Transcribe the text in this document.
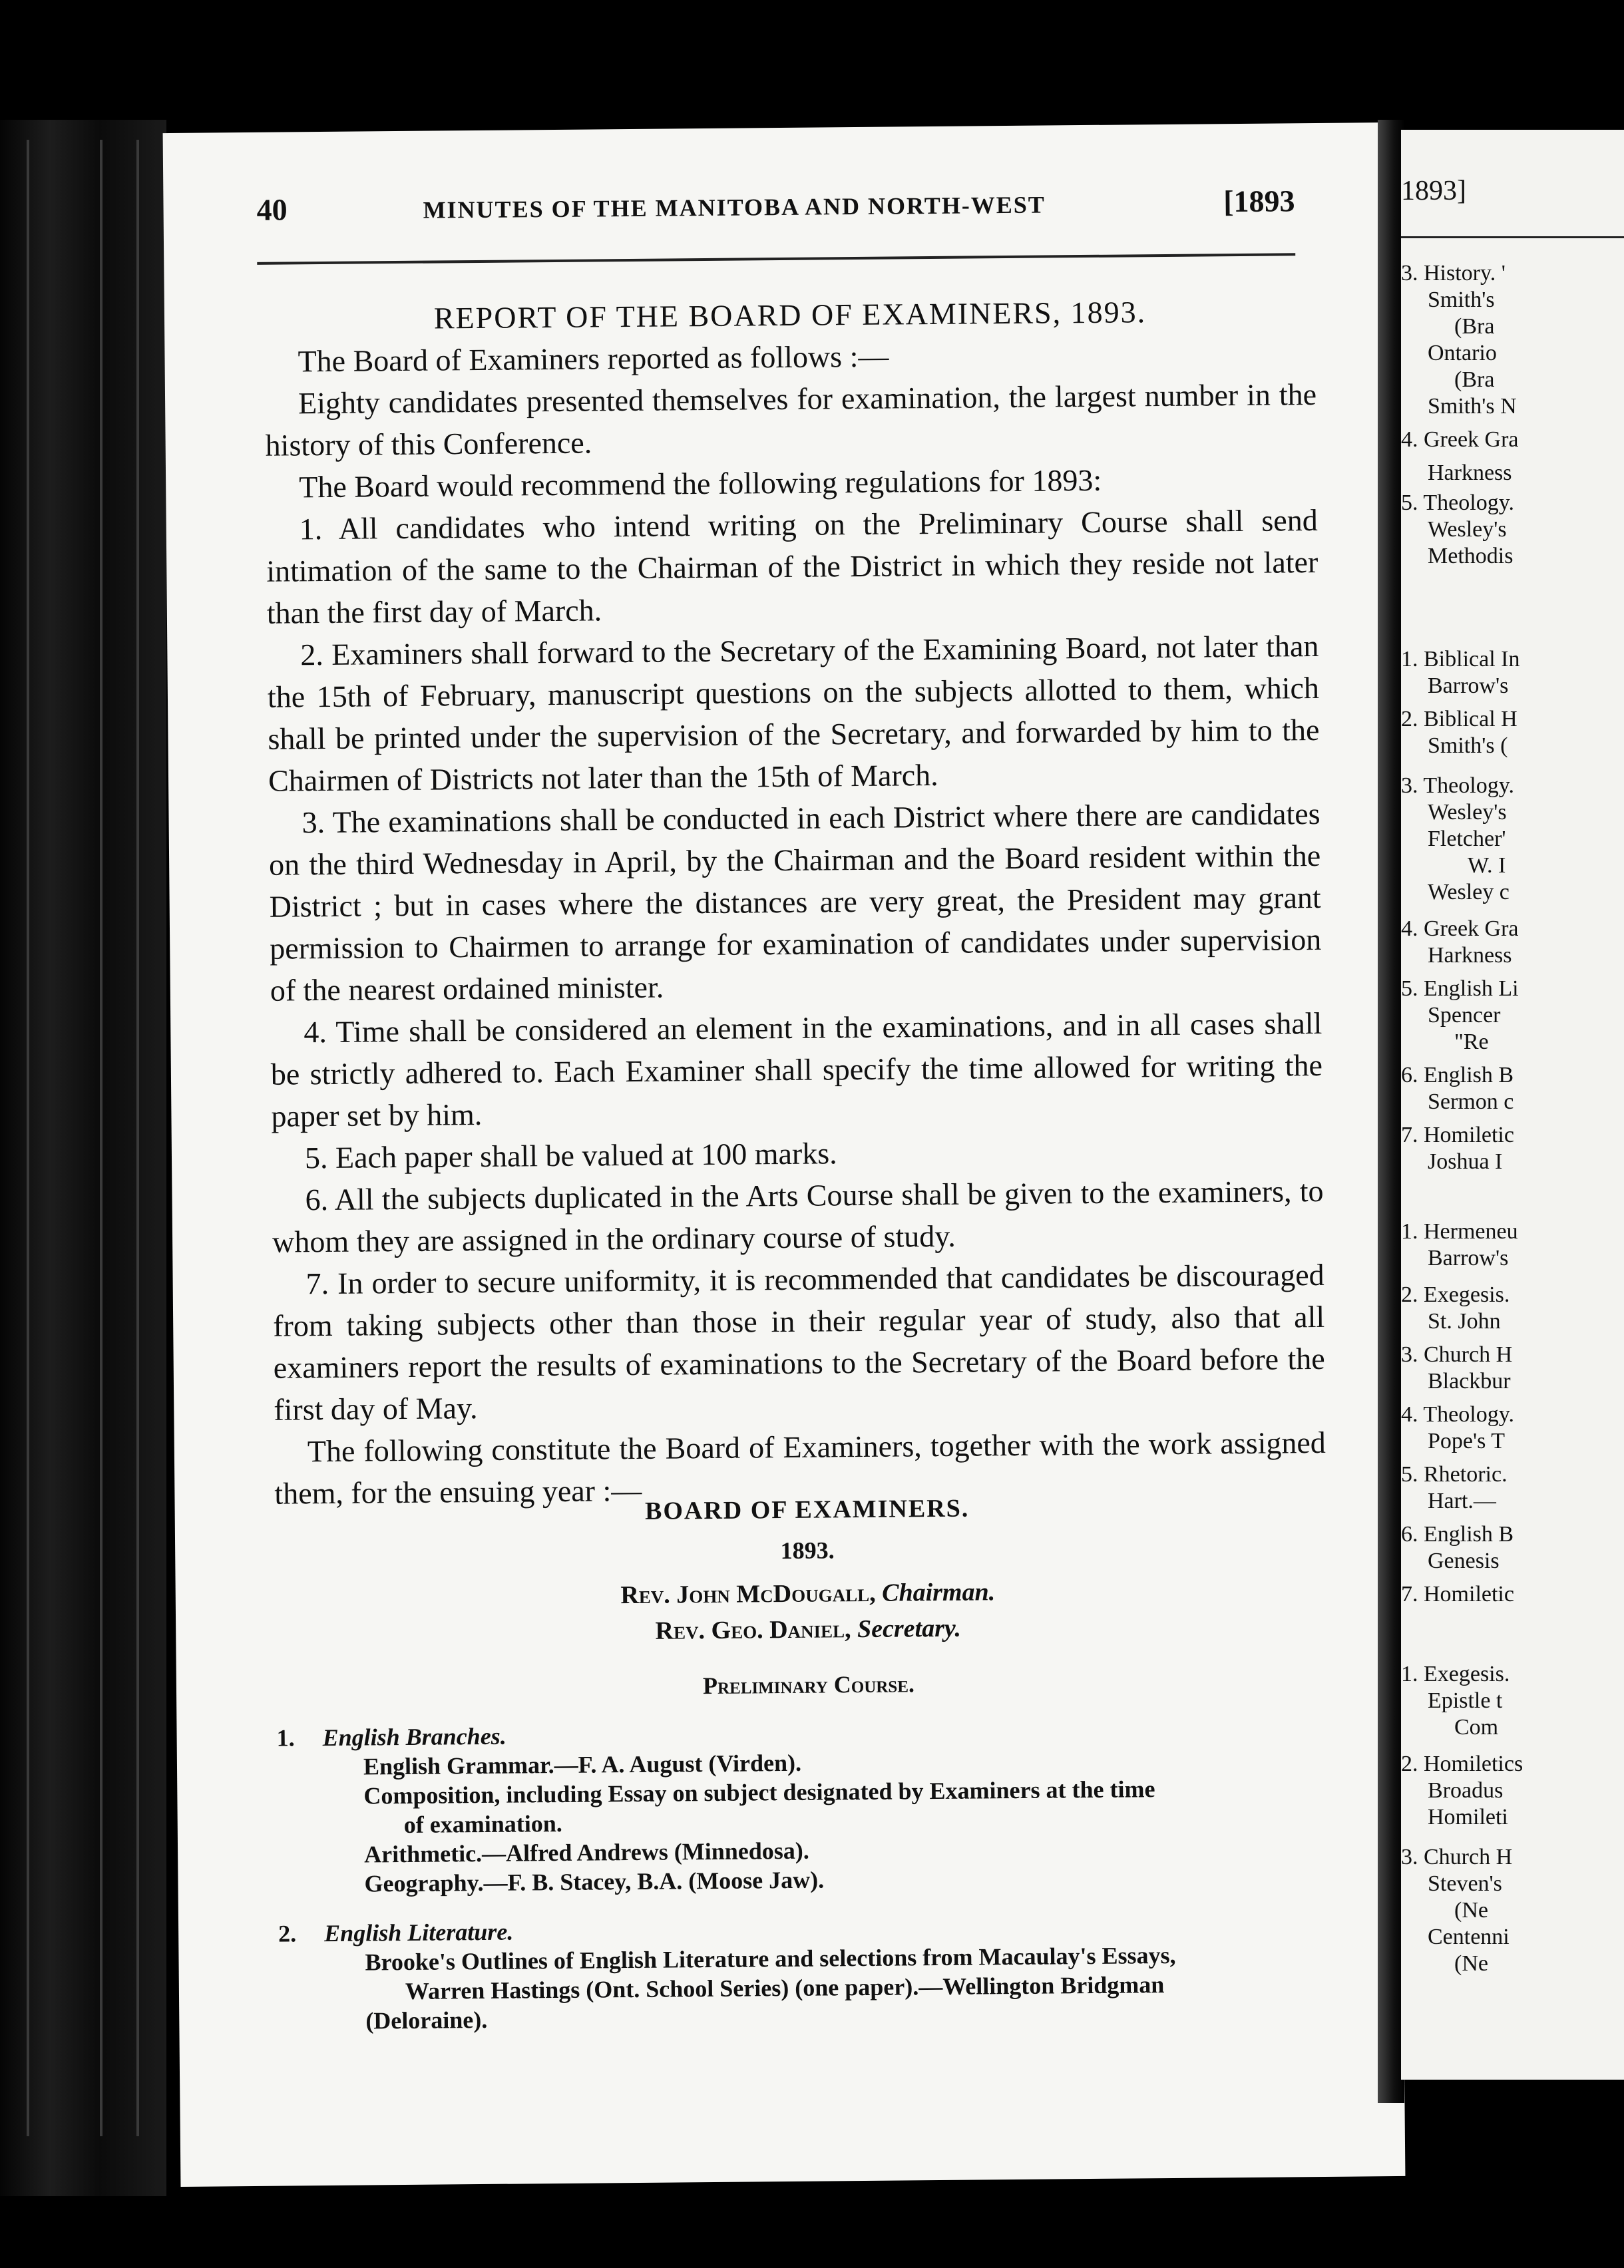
40	MINUTES OF THE MANITOBA AND NORTH-WEST	[1893

REPORT OF THE BOARD OF EXAMINERS, 1893.

The Board of Examiners reported as follows :—

Eighty candidates presented themselves for examination, the largest number in the history of this Conference.

The Board would recommend the following regulations for 1893:

1. All candidates who intend writing on the Preliminary Course shall send intimation of the same to the Chairman of the District in which they reside not later than the first day of March.

2. Examiners shall forward to the Secretary of the Examining Board, not later than the 15th of February, manuscript questions on the subjects allotted to them, which shall be printed under the supervision of the Secretary, and forwarded by him to the Chairmen of Districts not later than the 15th of March.

3. The examinations shall be conducted in each District where there are candidates on the third Wednesday in April, by the Chairman and the Board resident within the District ; but in cases where the distances are very great, the President may grant permission to Chairmen to arrange for examination of candidates under supervision of the nearest ordained minister.

4. Time shall be considered an element in the examinations, and in all cases shall be strictly adhered to. Each Examiner shall specify the time allowed for writing the paper set by him.

5. Each paper shall be valued at 100 marks.

6. All the subjects duplicated in the Arts Course shall be given to the examiners, to whom they are assigned in the ordinary course of study.

7. In order to secure uniformity, it is recommended that candidates be discouraged from taking subjects other than those in their regular year of study, also that all examiners report the results of examinations to the Secretary of the Board before the first day of May.

The following constitute the Board of Examiners, together with the work assigned them, for the ensuing year :— BOARD OF EXAMINERS.
1893.
Rev. John McDougall, Chairman.
Rev. Geo. Daniel, Secretary.
Preliminary Course.
1. English Branches.
English Grammar.—F. A. August (Virden).
Composition, including Essay on subject designated by Examiners at the time
of examination.
Arithmetic.—Alfred Andrews (Minnedosa).
Geography.—F. B. Stacey, B.A. (Moose Jaw).
2. English Literature.
Brooke's Outlines of English Literature and selections from Macaulay's Essays,
Warren Hastings (Ont. School Series) (one paper).—Wellington Bridgman
(Deloraine).
1893]
3. History. '
Smith's
(Bra
Ontario
(Bra
Smith's N
4. Greek Gra
Harkness
5. Theology.
Wesley's
Methodis
1. Biblical In
Barrow's
2. Biblical H
Smith's (
3. Theology.
Wesley's
Fletcher'
W. I
Wesley c
4. Greek Gra
Harkness
5. English Li
Spencer
"Re
6. English B
Sermon c
7. Homiletic
Joshua I
1. Hermeneu
Barrow's
2. Exegesis.
St. John
3. Church H
Blackbur
4. Theology.
Pope's T
5. Rhetoric.
Hart.—
6. English B
Genesis
7. Homiletic
1. Exegesis.
Epistle t
Com
2. Homiletics
Broadus
Homileti
3. Church H
Steven's
(Ne
Centenni
(Ne
